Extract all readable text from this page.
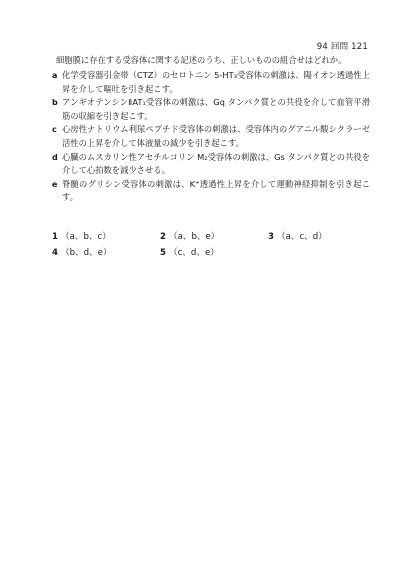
94 回問 121
細胞膜に存在する受容体に関する記述のうち、正しいものの組合せはどれか。
a 化学受容器引金帯（CTZ）のセロトニン 5-HT₃受容体の刺激は、陽イオン透過性上昇を介して嘔吐を引き起こす。
b アンギオテンシンⅡAT₁受容体の刺激は、Gq タンパク質との共役を介して血管平滑筋の収縮を引き起こす。
c 心房性ナトリウム利尿ペプチド受容体の刺激は、受容体内のグアニル酸シクラーゼ活性の上昇を介して体液量の減少を引き起こす。
d 心臓のムスカリン性アセチルコリン M₂受容体の刺激は、Gs タンパク質との共役を介して心拍数を減少させる。
e 脊髄のグリシン受容体の刺激は、K⁺透過性上昇を介して運動神経抑制を引き起こす。
1 （a、b、c）	2 （a、b、e）	3 （a、c、d）
4 （b、d、e）	5 （c、d、e）
